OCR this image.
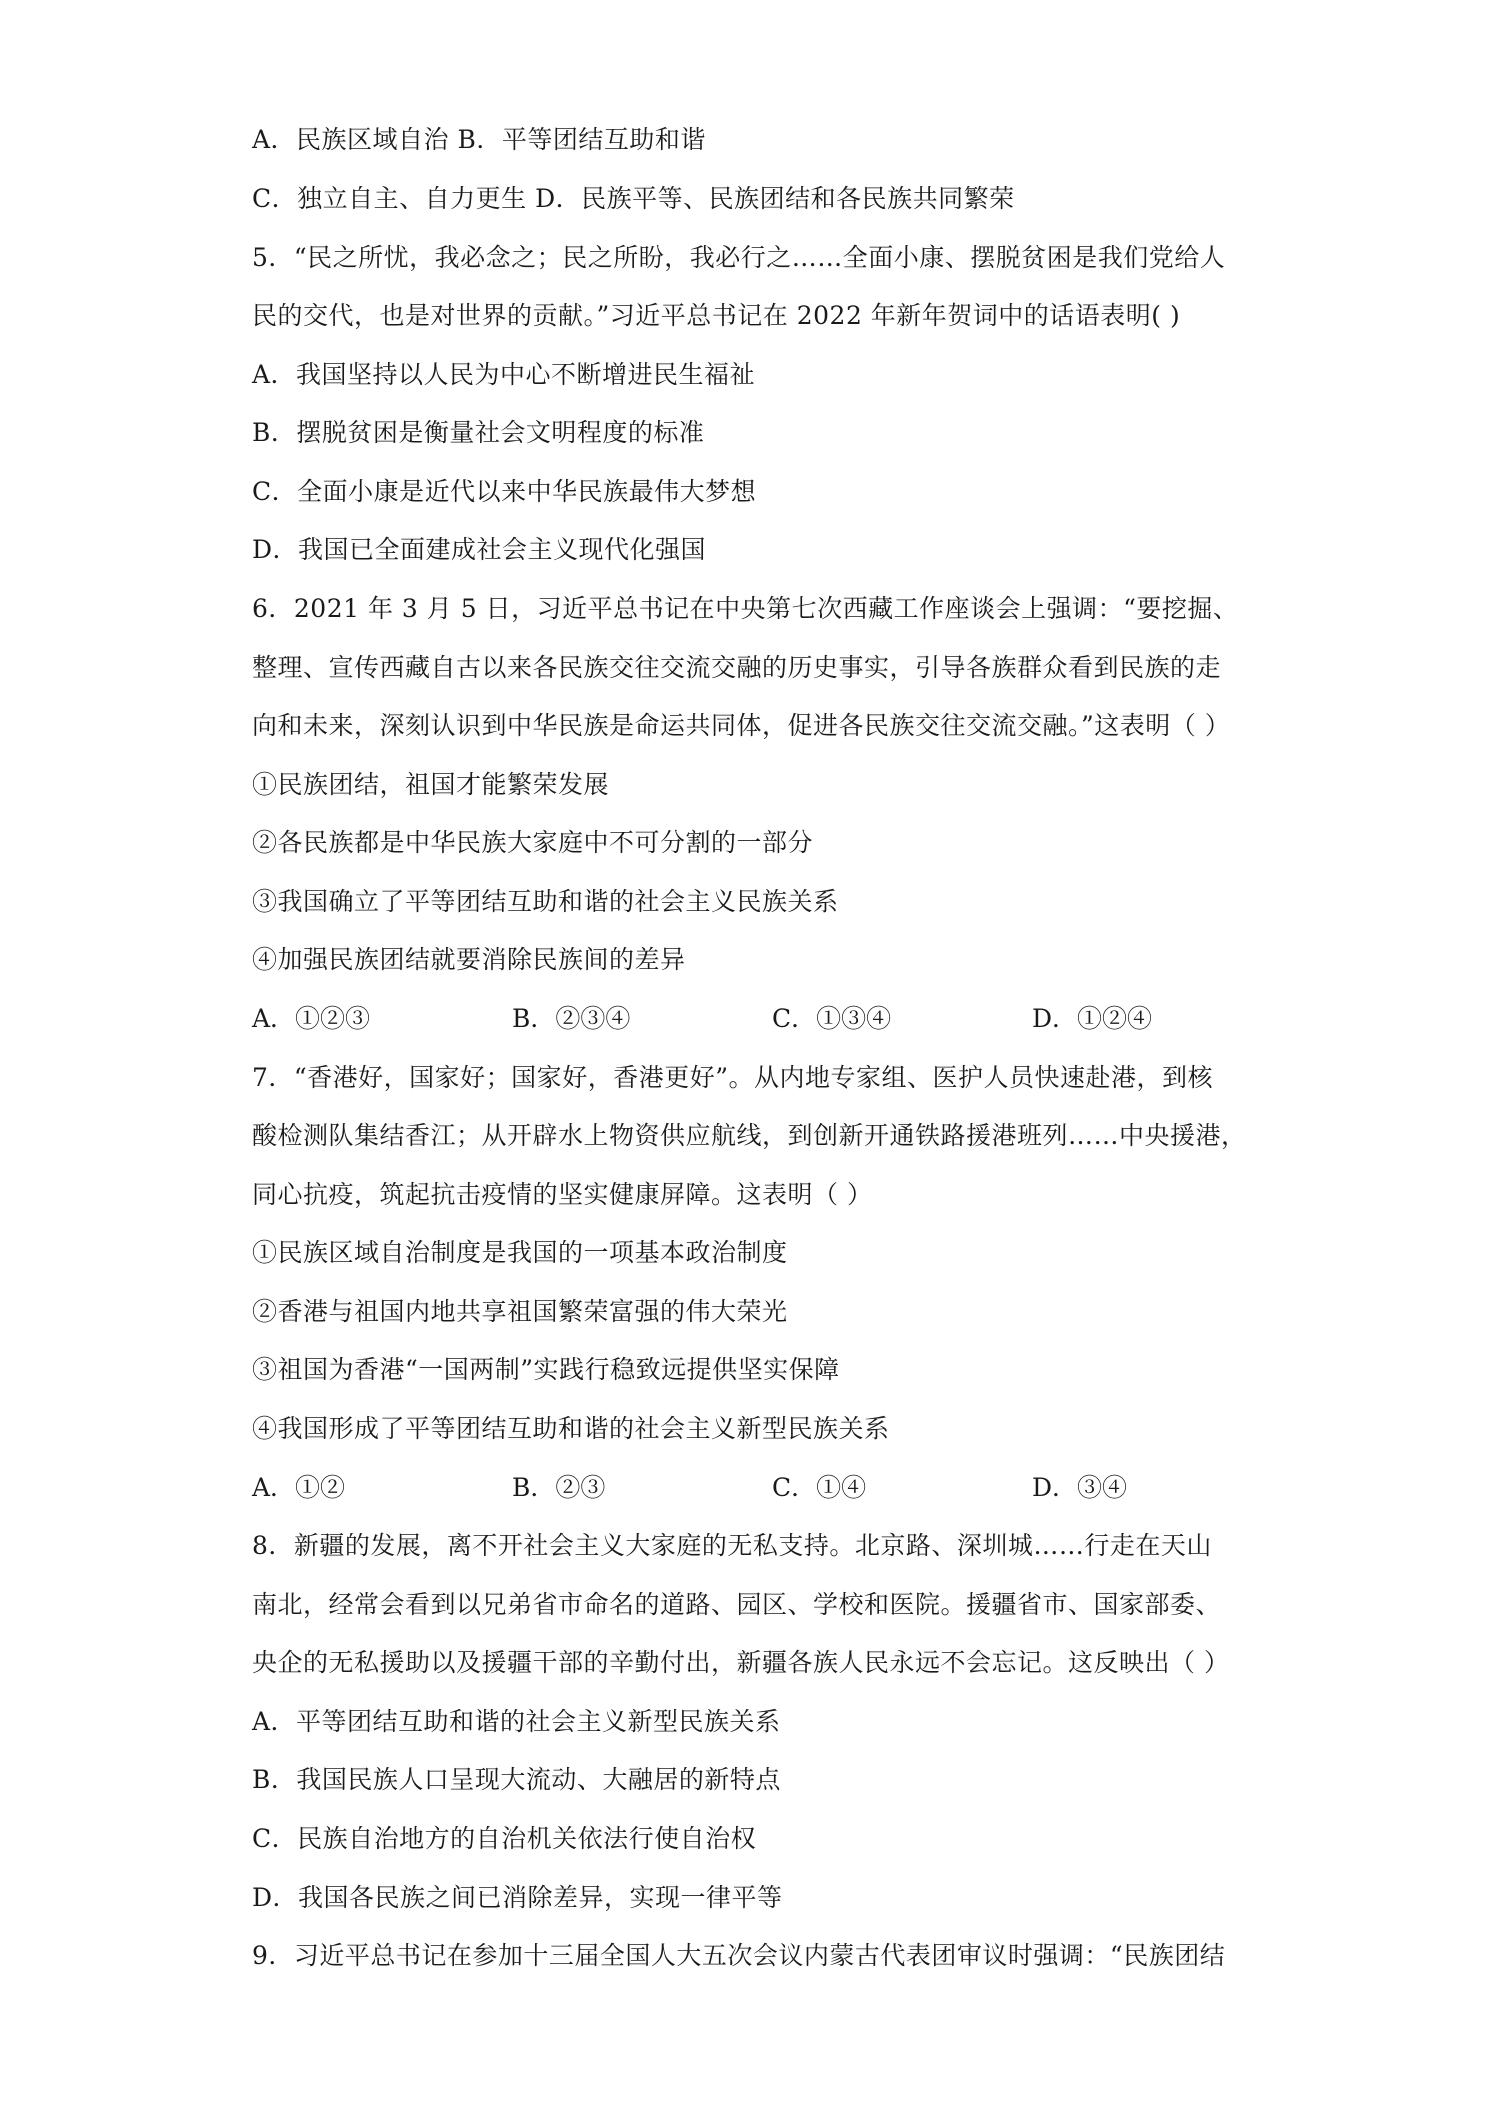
A．民族区域自治 B．平等团结互助和谐
C．独立自主、自力更生 D．民族平等、民族团结和各民族共同繁荣
5．“民之所忧，我必念之；民之所盼，我必行之……全面小康、摆脱贫困是我们党给人
民的交代，也是对世界的贡献。”习近平总书记在 2022 年新年贺词中的话语表明( )
A．我国坚持以人民为中心不断增进民生福祉
B．摆脱贫困是衡量社会文明程度的标准
C．全面小康是近代以来中华民族最伟大梦想
D．我国已全面建成社会主义现代化强国
6．2021 年 3 月 5 日，习近平总书记在中央第七次西藏工作座谈会上强调：“要挖掘、
整理、宣传西藏自古以来各民族交往交流交融的历史事实，引导各族群众看到民族的走
向和未来，深刻认识到中华民族是命运共同体，促进各民族交往交流交融。”这表明（ ）
①民族团结，祖国才能繁荣发展
②各民族都是中华民族大家庭中不可分割的一部分
③我国确立了平等团结互助和谐的社会主义民族关系
④加强民族团结就要消除民族间的差异
A．①②③	B．②③④	C．①③④	D．①②④
7．“香港好，国家好；国家好，香港更好”。从内地专家组、医护人员快速赴港，到核
酸检测队集结香江；从开辟水上物资供应航线，到创新开通铁路援港班列……中央援港，
同心抗疫，筑起抗击疫情的坚实健康屏障。这表明（ ）
①民族区域自治制度是我国的一项基本政治制度
②香港与祖国内地共享祖国繁荣富强的伟大荣光
③祖国为香港“一国两制”实践行稳致远提供坚实保障
④我国形成了平等团结互助和谐的社会主义新型民族关系
A．①②	B．②③	C．①④	D．③④
8．新疆的发展，离不开社会主义大家庭的无私支持。北京路、深圳城……行走在天山
南北，经常会看到以兄弟省市命名的道路、园区、学校和医院。援疆省市、国家部委、
央企的无私援助以及援疆干部的辛勤付出，新疆各族人民永远不会忘记。这反映出（ ）
A．平等团结互助和谐的社会主义新型民族关系
B．我国民族人口呈现大流动、大融居的新特点
C．民族自治地方的自治机关依法行使自治权
D．我国各民族之间已消除差异，实现一律平等
9．习近平总书记在参加十三届全国人大五次会议内蒙古代表团审议时强调：“民族团结
